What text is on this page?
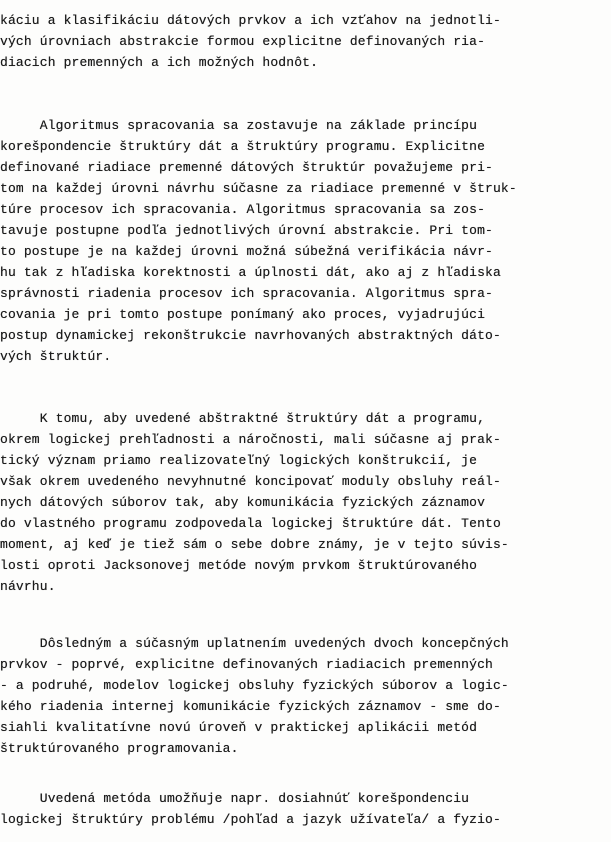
káciu a klasifikáciu dátových prvkov a ich vzťahov na jednotli-
vých úrovniach abstrakcie formou explicitne definovaných ria-
diacich premenných a ich možných hodnôt.
Algoritmus spracovania sa zostavuje na základe princípu
korešpondencie štruktúry dát a štruktúry programu. Explicitne
definované riadiace premenné dátových štruktúr považujeme pri-
tom na každej úrovni návrhu súčasne za riadiace premenné v štruk-
túre procesov ich spracovania. Algoritmus spracovania sa zos-
tavuje postupne podľa jednotlivých úrovní abstrakcie. Pri tom-
to postupe je na každej úrovni možná súbežná verifikácia návr-
hu tak z hľadiska korektnosti a úplnosti dát, ako aj z hľadiska
správnosti riadenia procesov ich spracovania. Algoritmus spra-
covania je pri tomto postupe ponímaný ako proces, vyjadrujúci
postup dynamickej rekonštrukcie navrhovaných abstraktných dáto-
vých štruktúr.
K tomu, aby uvedené abštraktné štruktúry dát a programu,
okrem logickej prehľadnosti a náročnosti, mali súčasne aj prak-
tický význam priamo realizovateľný logických konštrukcií, je
však okrem uvedeného nevyhnutné koncipovať moduly obsluhy reál-
nych dátových súborov tak, aby komunikácia fyzických záznamov
do vlastného programu zodpovedala logickej štruktúre dát. Tento
moment, aj keď je tiež sám o sebe dobre známy, je v tejto súvis-
losti oproti Jacksonovej metóde novým prvkom štruktúrovaného
návrhu.
Dôsledným a súčasným uplatnením uvedených dvoch koncepčných
prvkov - poprvé, explicitne definovaných riadiacich premenných
- a podruhé, modelov logickej obsluhy fyzických súborov a logic-
kého riadenia internej komunikácie fyzických záznamov - sme do-
siahli kvalitatívne novú úroveň v praktickej aplikácii metód
štruktúrovaného programovania.
Uvedená metóda umožňuje napr. dosiahnúť korešpondenciu
logickej štruktúry problému /pohľad a jazyk užívateľa/ a fyzio-
